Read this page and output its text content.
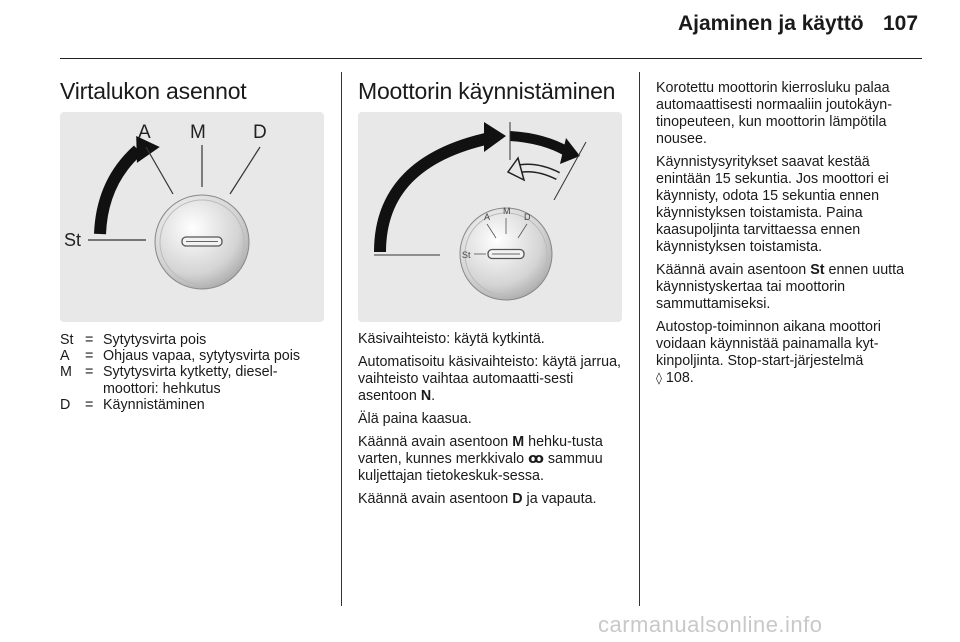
Ajaminen ja käyttö 107
Virtalukon asennot
A M D
St
St = Sytytysvirta pois
A	= Ohjaus vapaa, sytytysvirta pois
M = Sytytysvirta kytketty, diesel-moottori: hehkutus
D	= Käynnistäminen
Moottorin käynnistäminen
A
M
D
St

Käsivaihteisto: käytä kytkintä.

Automatisoitu käsivaihteisto: käytä jarrua, vaihteisto vaihtaa automaatti-sesti asentoon N.

Älä paina kaasua.

Käännä avain asentoon M hehku-tusta varten, kunnes merkkivalo ꝏ sammuu kuljettajan tietokeskuk-sessa.

Käännä avain asentoon D ja vapauta.

Korotettu moottorin kierrosluku palaa automaattisesti normaaliin joutokäyn-tinopeuteen, kun moottorin lämpötila nousee.

Käynnistysyritykset saavat kestää enintään 15 sekuntia. Jos moottori ei käynnisty, odota 15 sekuntia ennen käynnistyksen toistamista. Paina kaasupoljinta tarvittaessa ennen käynnistyksen toistamista.

Käännä avain asentoon St ennen uutta käynnistyskertaa tai moottorin sammuttamiseksi.

Autostop-toiminnon aikana moottori voidaan käynnistää painamalla kyt-kinpoljinta. Stop-start-järjestelmä
◊ 108.

carmanualsonline.info
